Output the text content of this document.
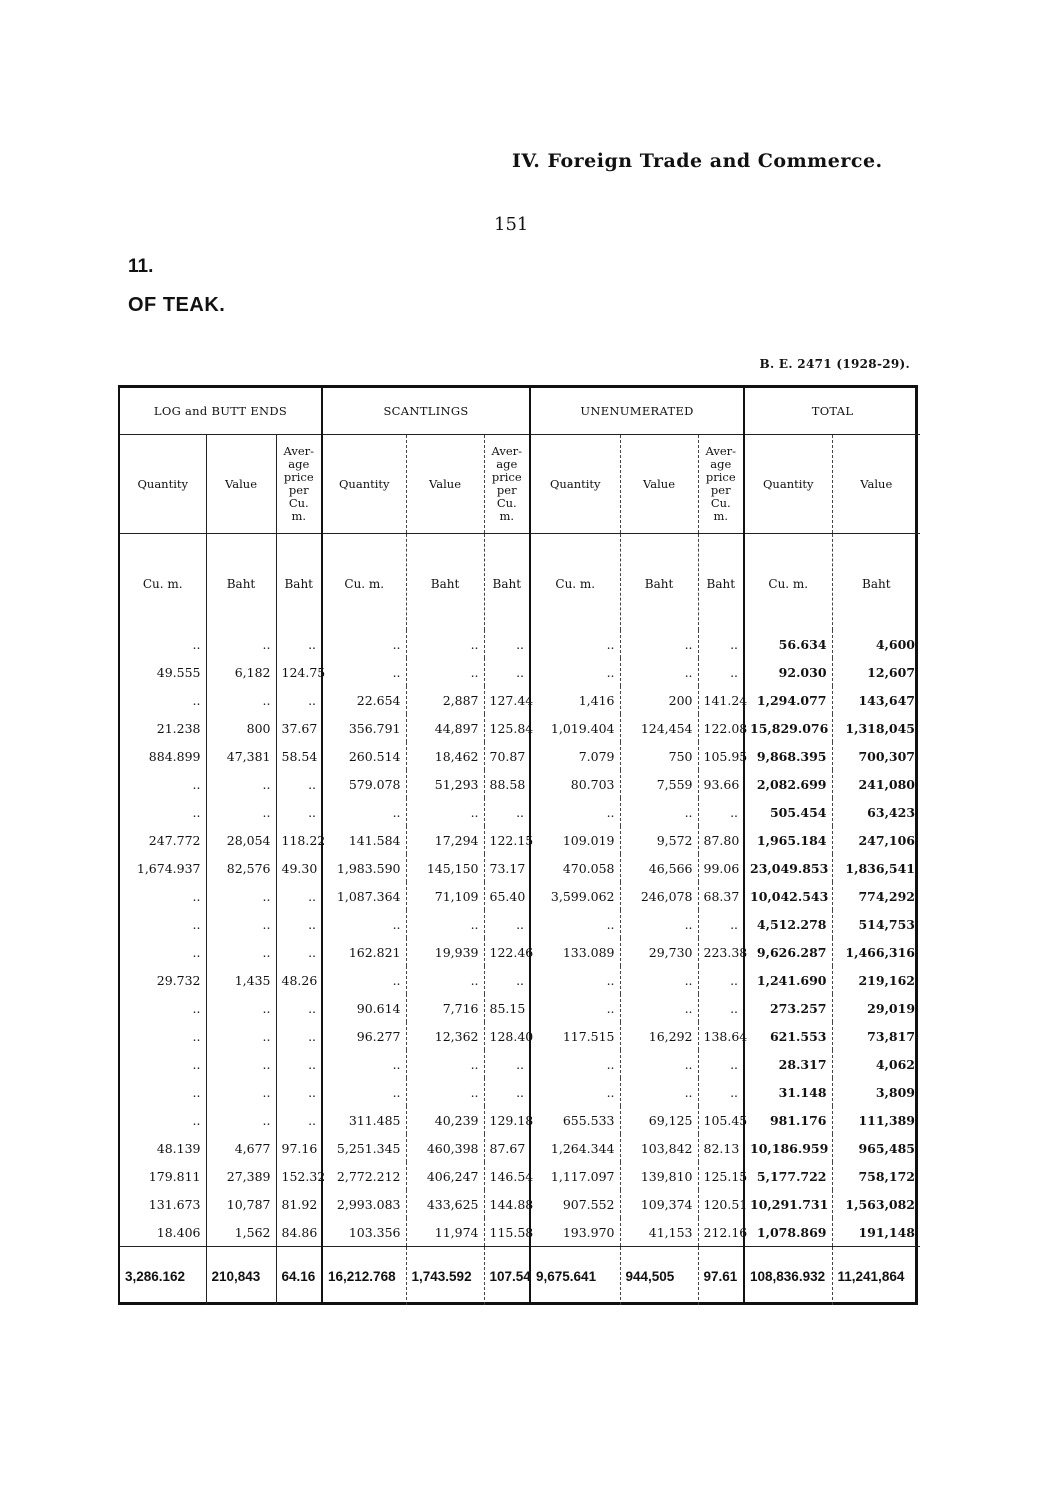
IV. Foreign Trade and Commerce.
151
11.
OF TEAK.
B. E. 2471 (1928-29).
LOG and BUTT ENDS			SCANTLINGS			UNENUMERATED			TOTAL	
Quantity	Value	Aver-
age
price
per
Cu. m.	Quantity	Value	Aver-
age
price
per
Cu. m.	Quantity	Value	Aver-
age
price
per
Cu. m.	Quantity	Value
Cu. m.	Baht	Baht	Cu. m.	Baht	Baht	Cu. m.	Baht	Baht	Cu. m.	Baht
..	..	..	..	..	..	..	..	..	56.634	4,600
49.555	6,182	124.75	..	..	..	..	..	..	92.030	12,607
..	..	..	22.654	2,887	127.44	1,416	200	141.24	1,294.077	143,647
21.238	800	37.67	356.791	44,897	125.84	1,019.404	124,454	122.08	15,829.076	1,318,045
884.899	47,381	58.54	260.514	18,462	70.87	7.079	750	105.95	9,868.395	700,307
..	..	..	579.078	51,293	88.58	80.703	7,559	93.66	2,082.699	241,080
..	..	..	..	..	..	..	..	..	505.454	63,423
247.772	28,054	118.22	141.584	17,294	122.15	109.019	9,572	87.80	1,965.184	247,106
1,674.937	82,576	49.30	1,983.590	145,150	73.17	470.058	46,566	99.06	23,049.853	1,836,541
..	..	..	1,087.364	71,109	65.40	3,599.062	246,078	68.37	10,042.543	774,292
..	..	..	..	..	..	..	..	..	4,512.278	514,753
..	..	..	162.821	19,939	122.46	133.089	29,730	223.38	9,626.287	1,466,316
29.732	1,435	48.26	..	..	..	..	..	..	1,241.690	219,162
..	..	..	90.614	7,716	85.15	..	..	..	273.257	29,019
..	..	..	96.277	12,362	128.40	117.515	16,292	138.64	621.553	73,817
..	..	..	..	..	..	..	..	..	28.317	4,062
..	..	..	..	..	..	..	..	..	31.148	3,809
..	..	..	311.485	40,239	129.18	655.533	69,125	105.45	981.176	111,389
48.139	4,677	97.16	5,251.345	460,398	87.67	1,264.344	103,842	82.13	10,186.959	965,485
179.811	27,389	152.32	2,772.212	406,247	146.54	1,117.097	139,810	125.15	5,177.722	758,172
131.673	10,787	81.92	2,993.083	433,625	144.88	907.552	109,374	120.51	10,291.731	1,563,082
18.406	1,562	84.86	103.356	11,974	115.58	193.970	41,153	212.16	1,078.869	191,148
3,286.162	210,843	64.16	16,212.768	1,743.592	107.54	9,675.641	944,505	97.61	108,836.932	11,241,864
